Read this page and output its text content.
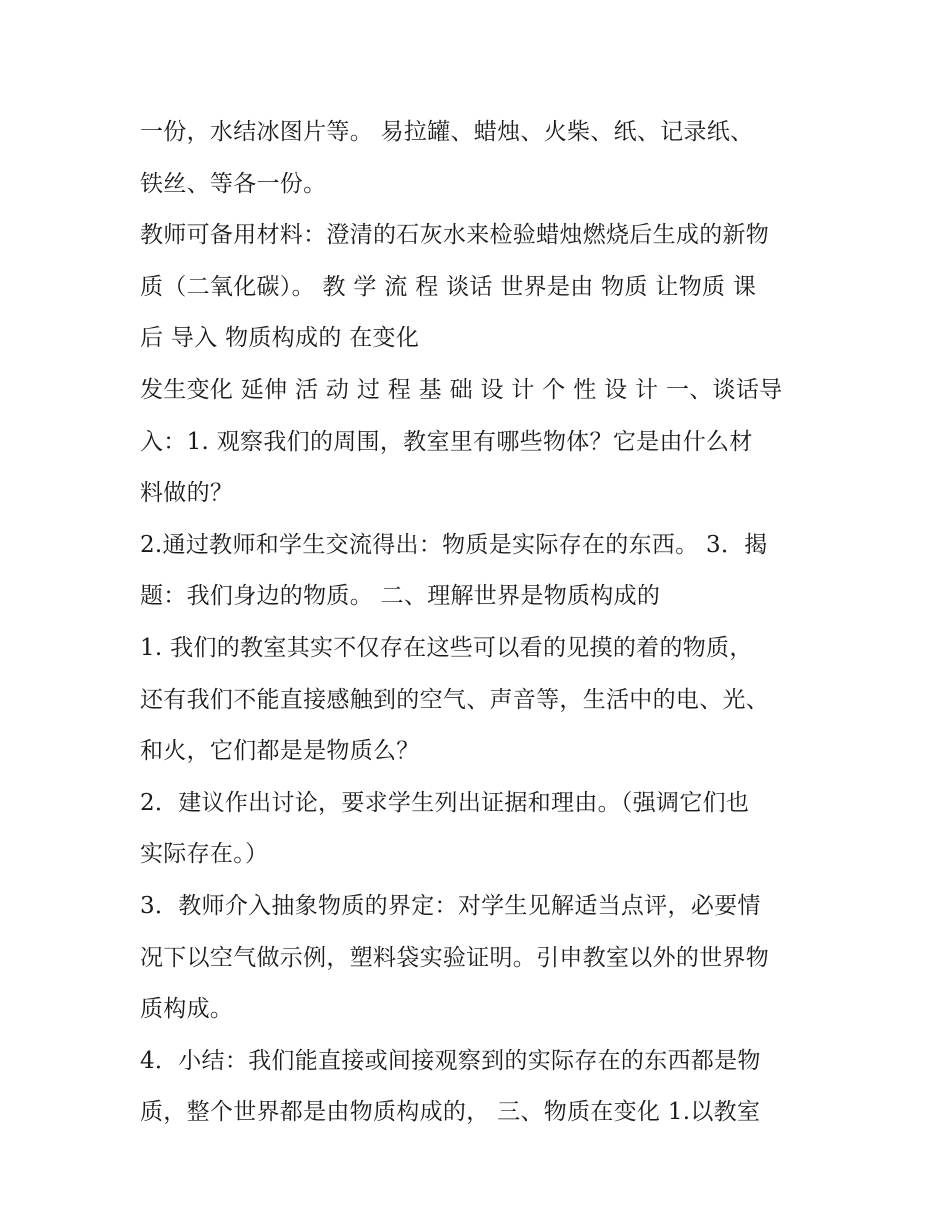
一份，水结冰图片等。 易拉罐、蜡烛、火柴、纸、记录纸、
铁丝、等各一份。
教师可备用材料：澄清的石灰水来检验蜡烛燃烧后生成的新物
质（二氧化碳）。 教 学 流 程 谈话 世界是由 物质 让物质 课
后 导入 物质构成的 在变化
发生变化 延伸 活 动 过 程 基 础 设 计 个 性 设 计 一、谈话导
入：1. 观察我们的周围，教室里有哪些物体？它是由什么材
料做的？
2.通过教师和学生交流得出：物质是实际存在的东西。 3．揭
题：我们身边的物质。 二、理解世界是物质构成的
1. 我们的教室其实不仅存在这些可以看的见摸的着的物质，
还有我们不能直接感触到的空气、声音等，生活中的电、光、
和火，它们都是是物质么？
2．建议作出讨论，要求学生列出证据和理由。（强调它们也
实际存在。）
3．教师介入抽象物质的界定：对学生见解适当点评，必要情
况下以空气做示例，塑料袋实验证明。引申教室以外的世界物
质构成。
4．小结：我们能直接或间接观察到的实际存在的东西都是物
质，整个世界都是由物质构成的， 三、物质在变化 1.以教室
